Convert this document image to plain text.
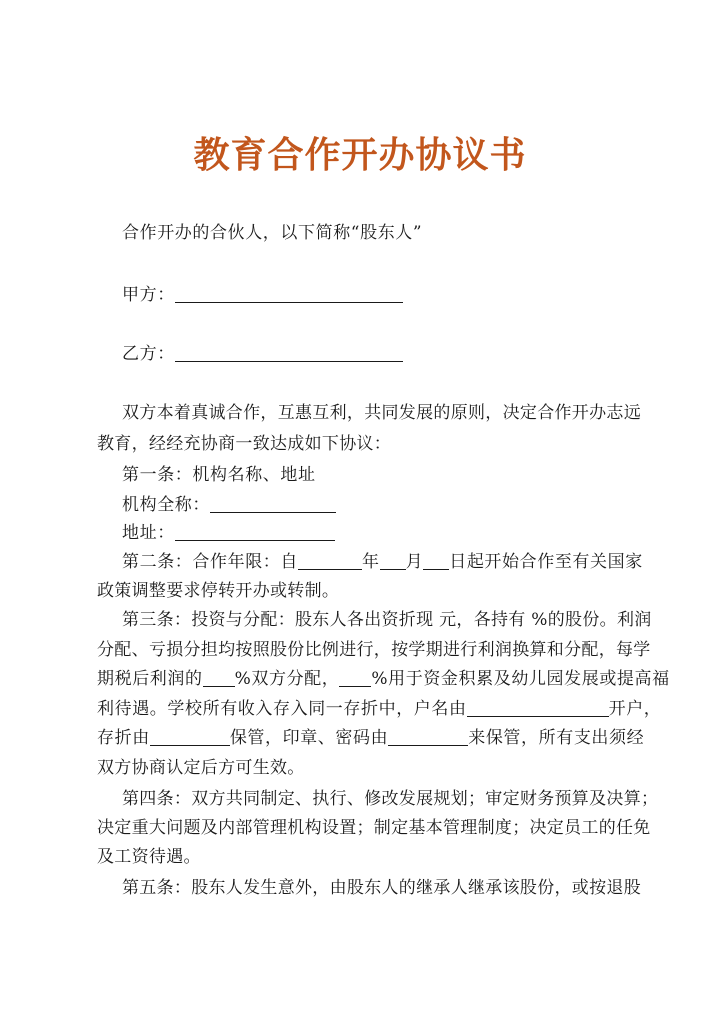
教育合作开办协议书
合作开办的合伙人，以下简称“股东人”
甲方：
乙方：
双方本着真诚合作，互惠互利，共同发展的原则，决定合作开办志远
教育，经经充协商一致达成如下协议：
第一条：机构名称、地址
机构全称：
地址：
第二条：合作年限：自	年 月 日起开始合作至有关国家
政策调整要求停转开办或转制。
第三条：投资与分配：股东人各出资折现 元，各持有 %的股份。利润
分配、亏损分担均按照股份比例进行，按学期进行利润换算和分配，每学
期税后利润的 %双方分配， %用于资金积累及幼儿园发展或提高福
利待遇。学校所有收入存入同一存折中，户名由	开户，
存折由	保管，印章、密码由	来保管，所有支出须经
双方协商认定后方可生效。
第四条：双方共同制定、执行、修改发展规划；审定财务预算及决算；
决定重大问题及内部管理机构设置；制定基本管理制度；决定员工的任免
及工资待遇。
第五条：股东人发生意外，由股东人的继承人继承该股份，或按退股
